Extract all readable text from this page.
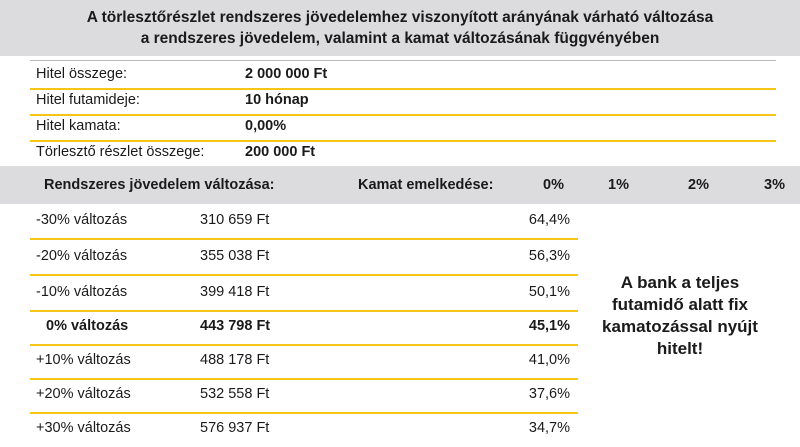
A törlesztőrészlet rendszeres jövedelemhez viszonyított arányának várható változása
a rendszeres jövedelem, valamint a kamat változásának függvényében
Hitel összege:	2 000 000 Ft
Hitel futamideje:	10 hónap
Hitel kamata:	0,00%
Törlesztő részlet összege:	200 000 Ft
Rendszeres jövedelem változása:	Kamat emelkedése:	0%	1%	2%	3%
-30% változás	310 659 Ft	64,4%
-20% változás	355 038 Ft	56,3%
-10% változás	399 418 Ft	50,1%
0% változás	443 798 Ft	45,1%
+10% változás	488 178 Ft	41,0%
+20% változás	532 558 Ft	37,6%
+30% változás	576 937 Ft	34,7%
A bank a teljes futamidő alatt fix kamatozással nyújt hitelt!
